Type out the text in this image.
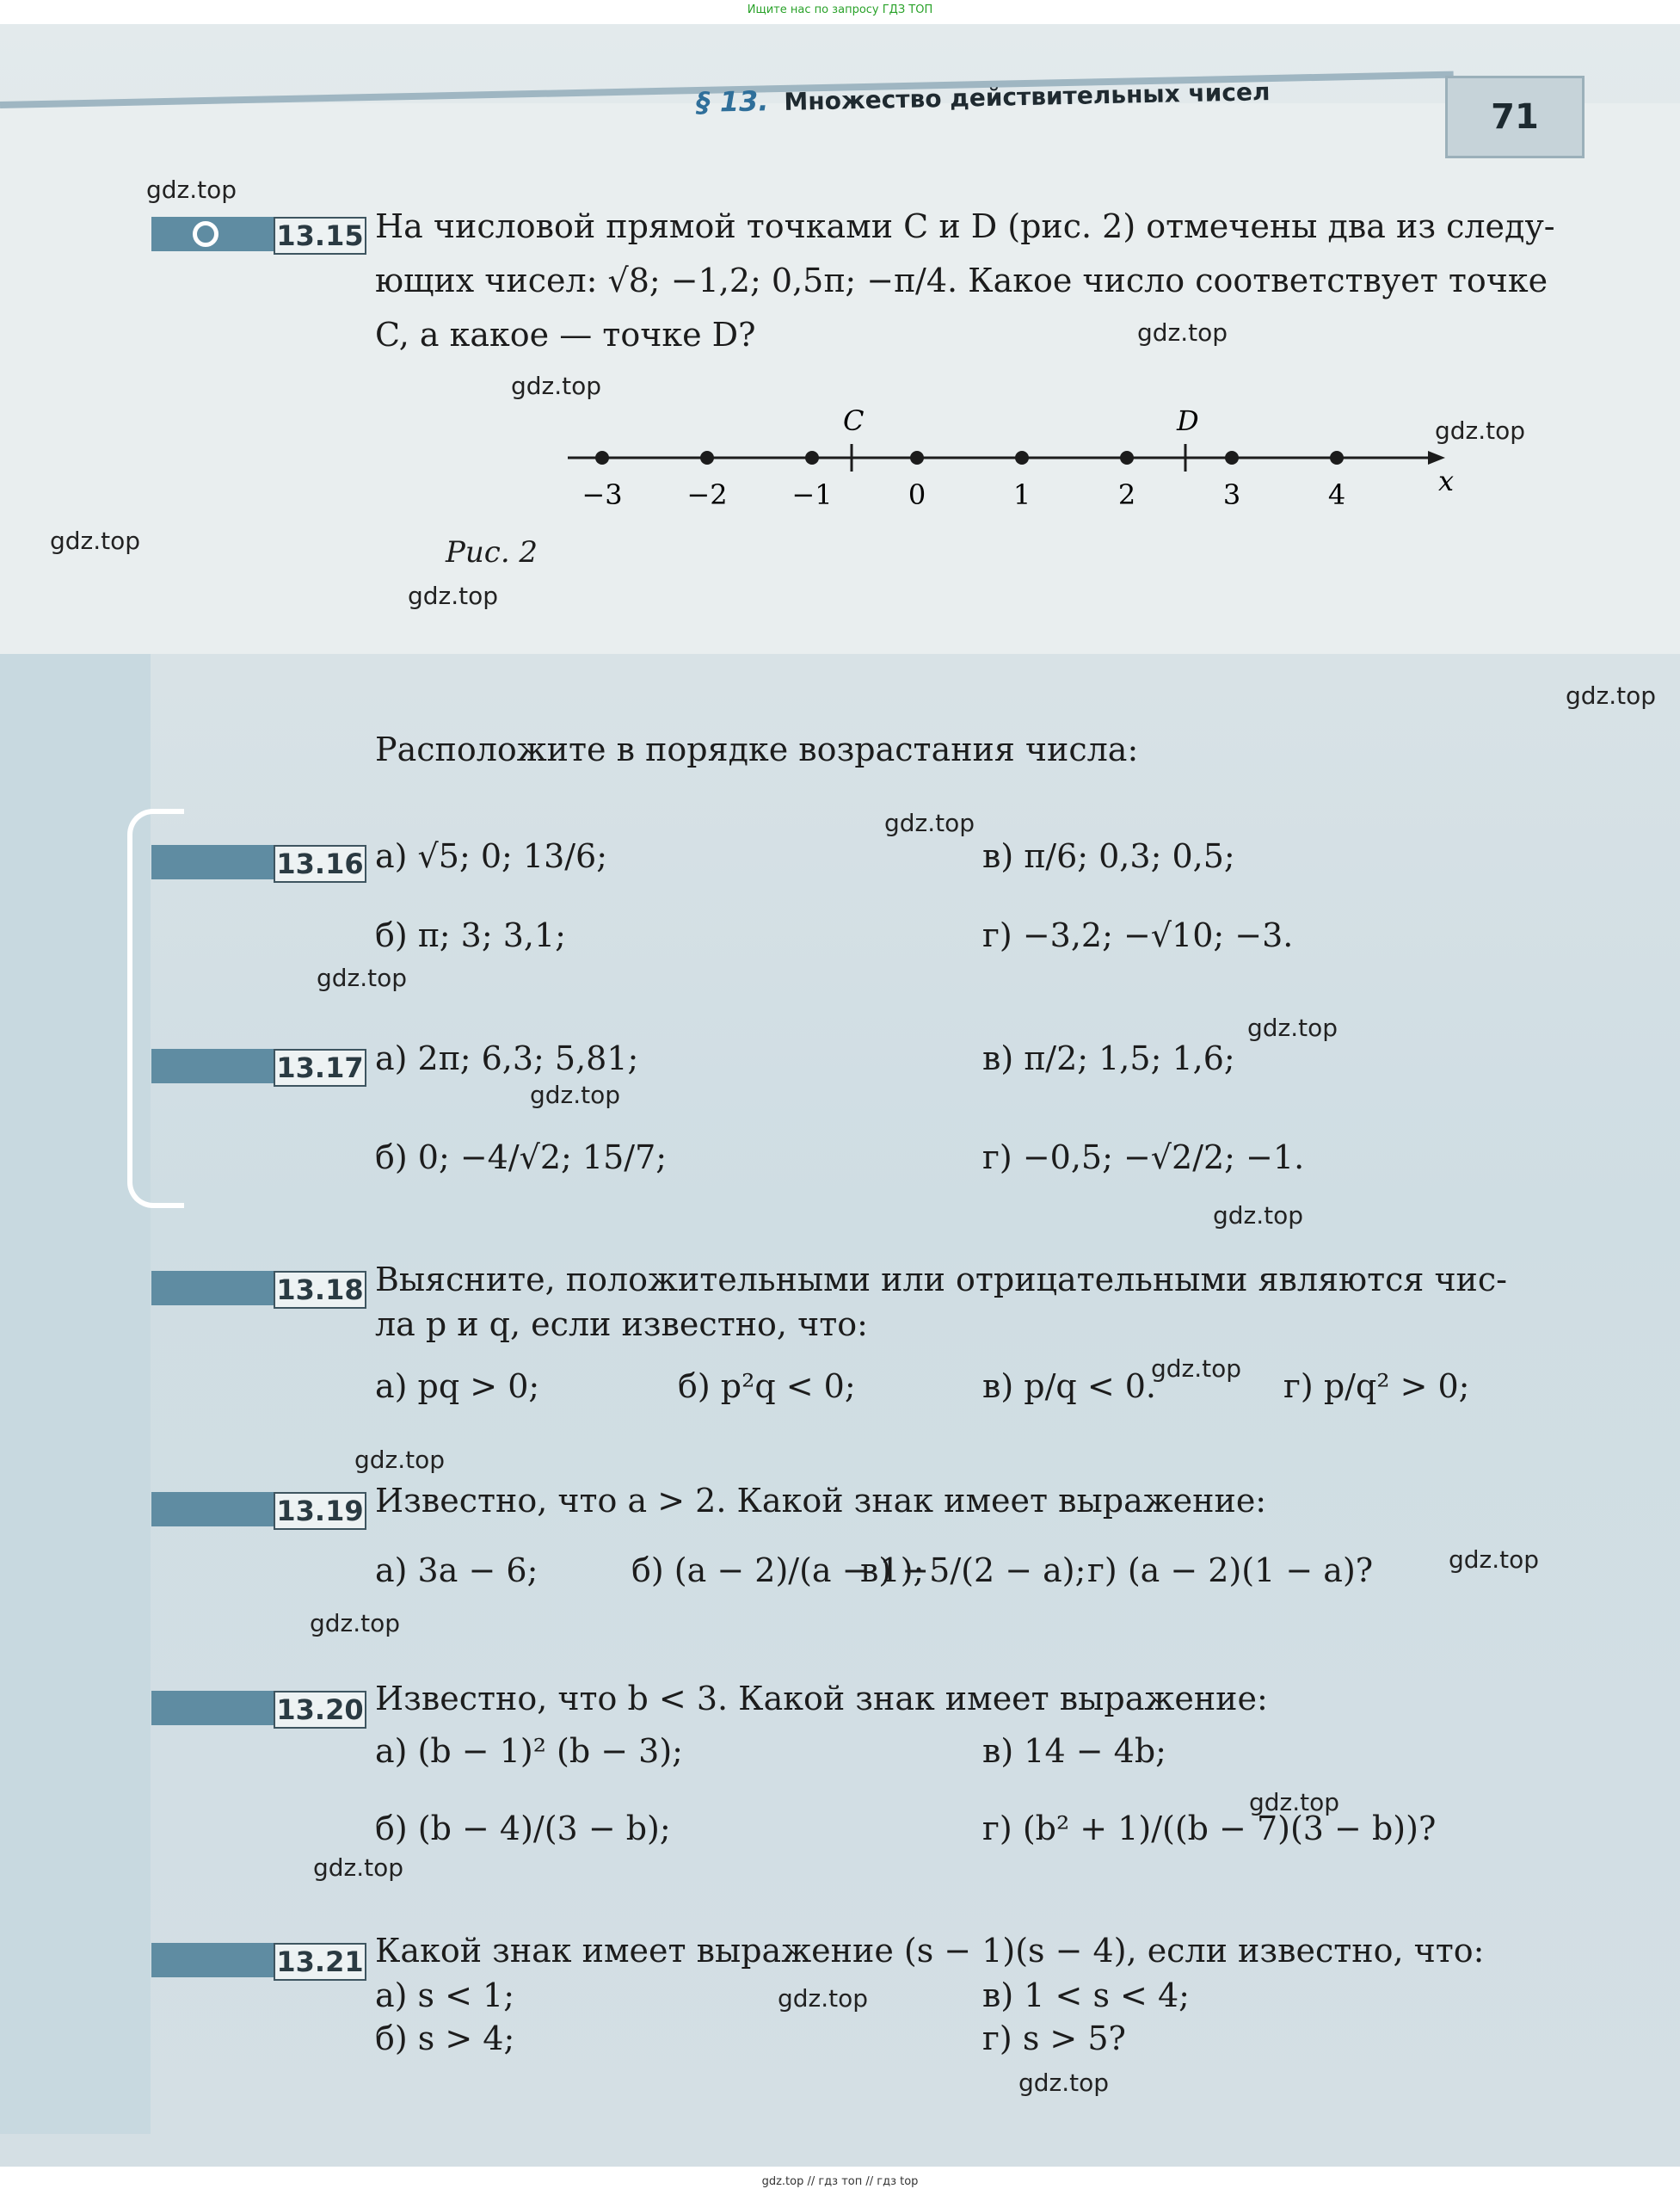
Ищите нас по запросу ГДЗ ТОП
§ 13. Множество действительных чисел
71
13.15 На числовой прямой точками C и D (рис. 2) отмечены два из следу-
ющих чисел: √8; −1,2; 0,5π; −π/4. Какое число соответствует точке
C, а какое — точке D?
−3 −2 −1	0	1	2	3	4
C	D
x
Рис. 2
Расположите в порядке возрастания числа:
13.16 а) √5; 0; 13/6;	в) π/6; 0,3; 0,5;
б) π; 3; 3,1;	г) −3,2; −√10; −3.
13.17 а) 2π; 6,3; 5,81;	в) π/2; 1,5; 1,6;
б) 0; −4/√2; 15/7;	г) −0,5; −√2/2; −1.
13.18 Выясните, положительными или отрицательными являются чис-
ла p и q, если известно, что:
а) pq > 0;	б) p²q < 0;	в) p/q < 0.	г) p/q² > 0;
13.19 Известно, что a > 2. Какой знак имеет выражение:
а) 3a − 6;	б) (a − 2)/(a − 1);
в) −5/(2 − a); г) (a − 2)(1 − a)?
13.20 Известно, что b < 3. Какой знак имеет выражение:
а) (b − 1)² (b − 3);	в) 14 − 4b;
б) (b − 4)/(3 − b);	г) (b² + 1)/((b − 7)(3 − b))?
13.21 Какой знак имеет выражение (s − 1)(s − 4), если известно, что:
а) s < 1;	в) 1 < s < 4;
б) s > 4;	г) s > 5?
gdz.top
gdz.top
gdz.top
gdz.top
gdz.top
gdz.top
gdz.top
gdz.top
gdz.top
gdz.top
gdz.top
gdz.top
gdz.top
gdz.top
gdz.top
gdz.top
gdz.top
gdz.top
gdz.top
gdz.top
gdz.top // гдз топ // гдз top
